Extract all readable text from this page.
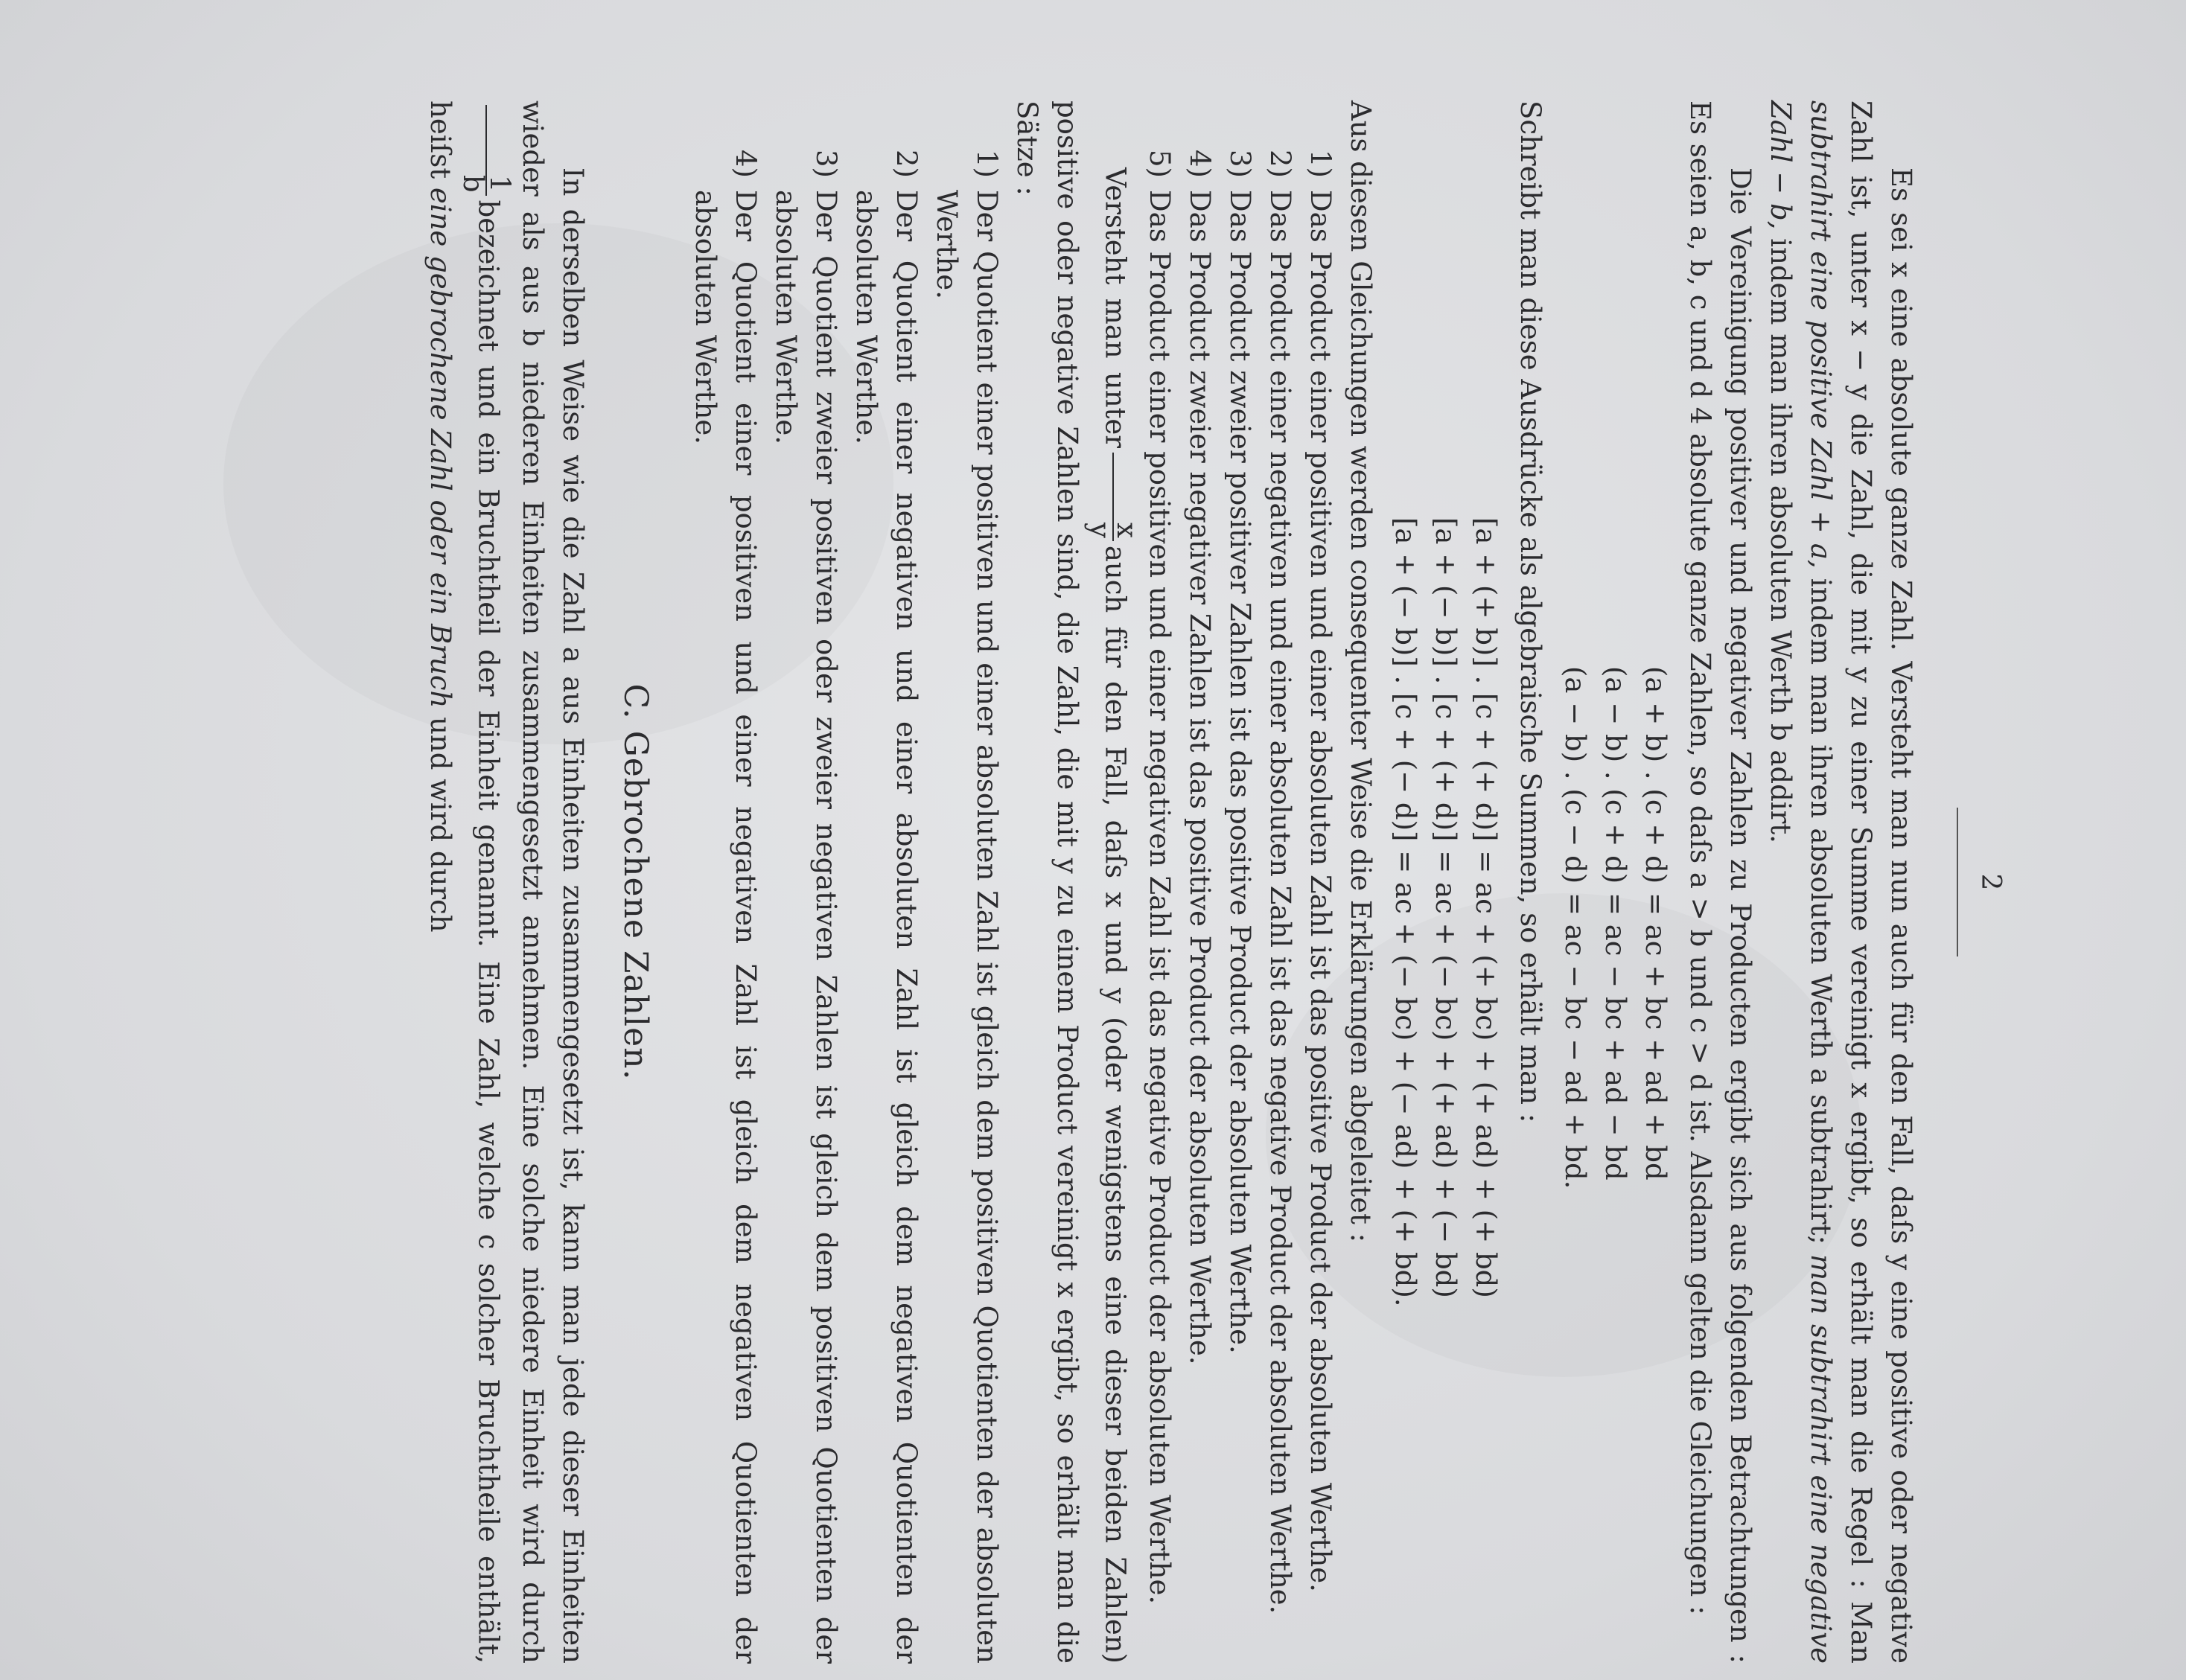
2

Es sei x eine absolute ganze Zahl. Versteht man nun auch für den Fall, daſs y eine positive oder negative Zahl ist, unter x − y die Zahl, die mit y zu einer Summe vereinigt x ergibt, so erhält man die Regel : Man subtrahirt eine positive Zahl + a, indem man ihren absoluten Werth a subtrahirt; man subtrahirt eine negative Zahl − b, indem man ihren absoluten Werth b addirt.

Die Vereinigung positiver und negativer Zahlen zu Producten ergibt sich aus folgenden Betrachtungen : Es seien a, b, c und d 4 absolute ganze Zahlen, so daſs a > b und c > d ist. Alsdann gelten die Gleichungen :

(a + b) . (c + d) = ac + bc + ad + bd

(a − b) . (c + d) = ac − bc + ad − bd

(a − b) . (c − d) = ac − bc − ad + bd.

Schreibt man diese Ausdrücke als algebraische Summen, so erhält man :

[a + (+ b)] . [c + (+ d)] = ac + (+ bc) + (+ ad) + (+ bd)

[a + (− b)] . [c + (+ d)] = ac + (− bc) + (+ ad) + (− bd)

[a + (− b)] . [c + (− d)] = ac + (− bc) + (− ad) + (+ bd).

Aus diesen Gleichungen werden consequenter Weise die Erklärungen abgeleitet :

1)
Das Product einer positiven und einer absoluten Zahl ist das positive Product der absoluten Werthe.
2)
Das Product einer negativen und einer absoluten Zahl ist das negative Product der absoluten Werthe.
3)
Das Product zweier positiver Zahlen ist das positive Product der absoluten Werthe.
4)
Das Product zweier negativer Zahlen ist das positive Product der absoluten Werthe.
5)
Das Product einer positiven und einer negativen Zahl ist das negative Product der absoluten Werthe.

Versteht man unter
x
y
auch für den Fall, daſs x und y (oder wenigstens eine dieser beiden Zahlen) positive oder negative Zahlen sind, die Zahl, die mit y zu einem Product vereinigt x ergibt, so erhält man die Sätze :

1)
Der Quotient einer positiven und einer absoluten Zahl ist gleich dem positiven Quotienten der absoluten Werthe.
2)
Der Quotient einer negativen und einer absoluten Zahl ist gleich dem negativen Quotienten der absoluten Werthe.
3)
Der Quotient zweier positiven oder zweier negativen Zahlen ist gleich dem positiven Quotienten der absoluten Werthe.
4)
Der Quotient einer positiven und einer negativen Zahl ist gleich dem negativen Quotienten der absoluten Werthe.
C. Gebrochene Zahlen.

In derselben Weise wie die Zahl a aus Einheiten zusammengesetzt ist, kann man jede dieser Einheiten wieder als aus b niederen Einheiten zusammengesetzt annehmen. Eine solche niedere Einheit wird durch
1
b
bezeichnet und ein Bruchtheil der Einheit genannt. Eine Zahl, welche c solcher Bruchtheile enthält, heiſst eine gebrochene Zahl oder ein Bruch und wird durch
